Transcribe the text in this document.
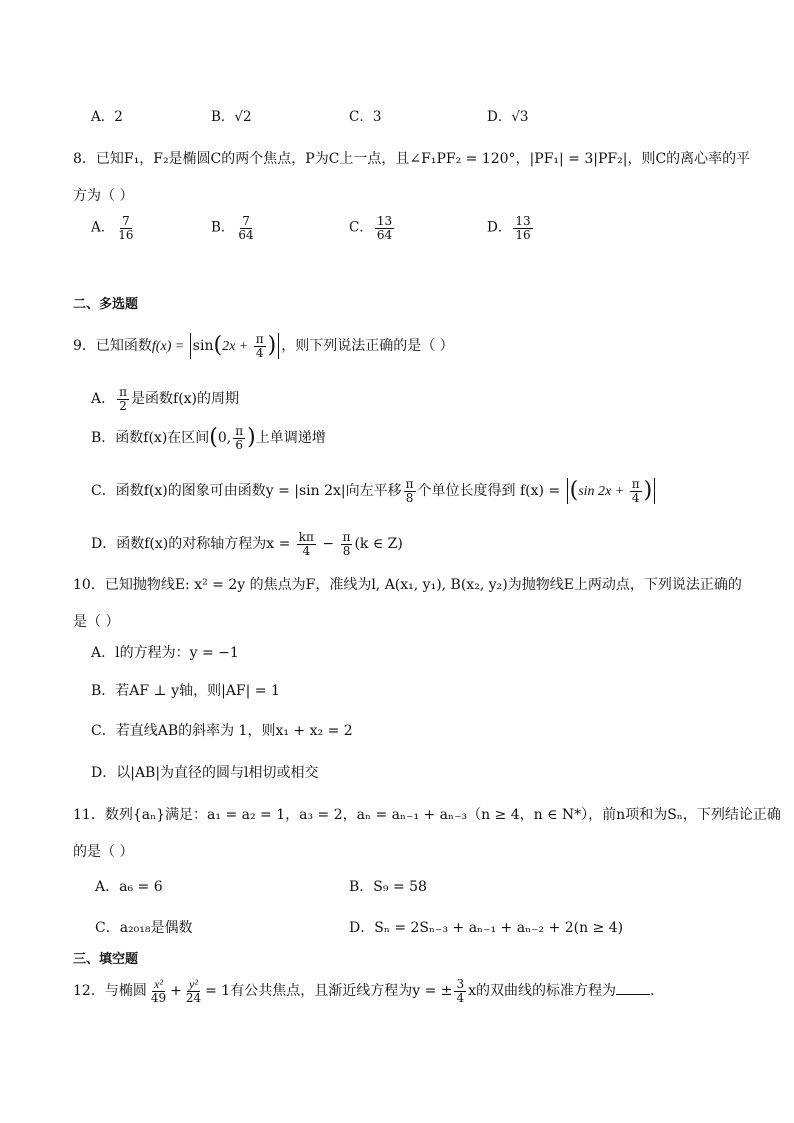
A．2	B．√2	C．3	D．√3
8．已知F₁，F₂是椭圆C的两个焦点，P为C上一点，且∠F₁PF₂ = 120°，|PF₁| = 3|PF₂|，则C的离心率的平
方为（ ）
A． $\frac{7}{16}$	B． $\frac{7}{64}$	C． $\frac{13}{64}$	D． $\frac{13}{16}$
二、多选题
9．已知函数$f(x) = \sin(2x + \frac{\pi}{4}$ ) ，则下列说法正确的是（ ）
A． $\frac{\pi}{2}$ 是函数f(x)的周期
B．函数f(x)在区间(0, $\frac{\pi}{6}$ )上单调递增
C．函数f(x)的图象可由函数y = |sin 2x|向左平移 $\frac{\pi}{8}$ 个单位长度得到 f(x) = (sin $2x + \frac{\pi}{4}$ )
D．函数f(x)的对称轴方程为$x = \frac{k\pi}{4} - \frac{\pi}{8} (k$ ∈ Z)
10．已知抛物线E: x² = 2y 的焦点为F，准线为l, A(x₁, y₁), B(x₂, y₂)为抛物线E上两动点，下列说法正确的
是（ ）
A．l的方程为：y = −1
B．若AF ⊥ y轴，则|AF| = 1
C．若直线AB的斜率为 1，则x₁ + x₂ = 2
D．以|AB|为直径的圆与l相切或相交
11．数列{aₙ}满足：a₁ = a₂ = 1，a₃ = 2，aₙ = aₙ₋₁ + aₙ₋₃（n ≥ 4，n ∈ N*），前n项和为Sₙ，下列结论正确
的是（ ）
A．a₆ = 6	B．S₉ = 58
C．a₂₀₁₈是偶数	D．Sₙ = 2Sₙ₋₃ + aₙ₋₁ + aₙ₋₂ + 2(n ≥ 4)
三、填空题
12．与椭圆 $\frac{\text{x²}}{49} + \frac{\text{y²}}{24} = 1$有公共焦点，且渐近线方程为y = ± $\frac{3}{4}$ x的双曲线的标准方程为 .
